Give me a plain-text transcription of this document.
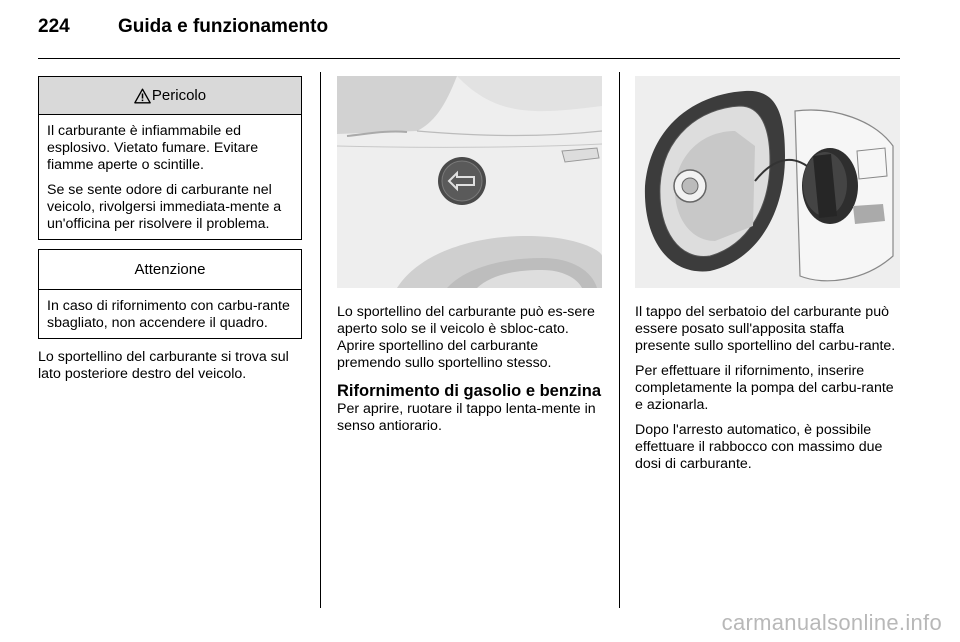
224	Guida e funzionamento
Pericolo

Il carburante è infiammabile ed esplosivo. Vietato fumare. Evitare fiamme aperte o scintille.

Se se sente odore di carburante nel veicolo, rivolgersi immediata-mente a un'officina per risolvere il problema.

Attenzione

In caso di rifornimento con carbu-rante sbagliato, non accendere il quadro.

Lo sportellino del carburante si trova sul lato posteriore destro del veicolo.

Lo sportellino del carburante può es-sere aperto solo se il veicolo è sbloc-cato. Aprire sportellino del carburante premendo sullo sportellino stesso.

Rifornimento di gasolio e benzina

Per aprire, ruotare il tappo lenta-mente in senso antiorario.

Il tappo del serbatoio del carburante può essere posato sull'apposita staffa presente sullo sportellino del carbu-rante.

Per effettuare il rifornimento, inserire completamente la pompa del carbu-rante e azionarla.

Dopo l'arresto automatico, è possibile effettuare il rabbocco con massimo due dosi di carburante.

carmanualsonline.info
